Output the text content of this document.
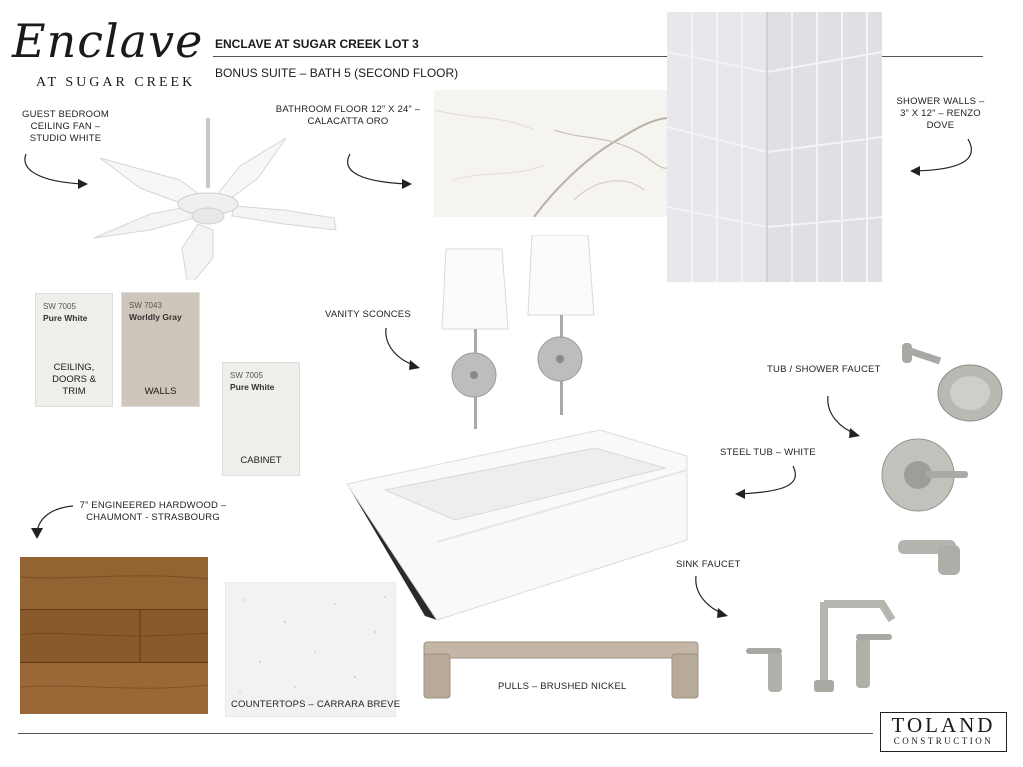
Enclave
AT SUGAR CREEK
ENCLAVE AT SUGAR CREEK LOT 3
BONUS SUITE – BATH 5 (SECOND FLOOR)
GUEST BEDROOM CEILING FAN – STUDIO WHITE
BATHROOM FLOOR 12” X 24” – CALACATTA ORO
SHOWER WALLS – 3” X 12” – RENZO DOVE
SW 7005
Pure White
CEILING, DOORS & TRIM
SW 7043
Worldly Gray
WALLS
SW 7005
Pure White
CABINET
VANITY SCONCES
TUB / SHOWER FAUCET
STEEL TUB – WHITE
7” ENGINEERED HARDWOOD – CHAUMONT - STRASBOURG
COUNTERTOPS – CARRARA BREVE
PULLS – BRUSHED NICKEL
SINK FAUCET
TOLAND
CONSTRUCTION
